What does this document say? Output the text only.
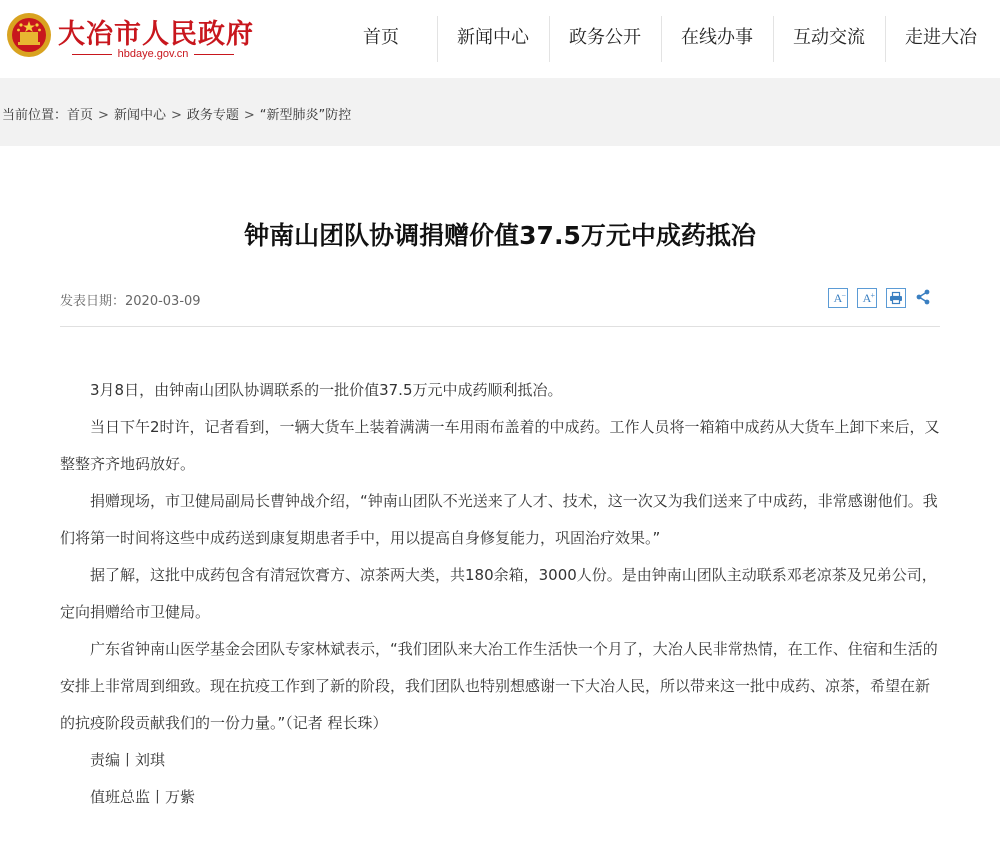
大冶市人民政府
hbdaye.gov.cn
首页	新闻中心	政务公开	在线办事	互动交流	走进大冶
当前位置：首页 > 新闻中心 > 政务专题 > “新型肺炎”防控
钟南山团队协调捐赠价值37.5万元中成药抵冶
发表日期：2020-03-09	A −	A +

3月8日，由钟南山团队协调联系的一批价值37.5万元中成药顺利抵冶。

当日下午2时许，记者看到，一辆大货车上装着满满一车用雨布盖着的中成药。工作人员将一箱箱中成药从大货车上卸下来后，又整整齐齐地码放好。

捐赠现场，市卫健局副局长曹钟战介绍，“钟南山团队不光送来了人才、技术，这一次又为我们送来了中成药，非常感谢他们。我们将第一时间将这些中成药送到康复期患者手中，用以提高自身修复能力，巩固治疗效果。”

据了解，这批中成药包含有清冠饮膏方、凉茶两大类，共180余箱，3000人份。是由钟南山团队主动联系邓老凉茶及兄弟公司，定向捐赠给市卫健局。

广东省钟南山医学基金会团队专家林斌表示，“我们团队来大冶工作生活快一个月了，大冶人民非常热情，在工作、住宿和生活的安排上非常周到细致。现在抗疫工作到了新的阶段，我们团队也特别想感谢一下大冶人民，所以带来这一批中成药、凉茶，希望在新的抗疫阶段贡献我们的一份力量。”（记者 程长珠）

责编丨刘琪

值班总监丨万紫
